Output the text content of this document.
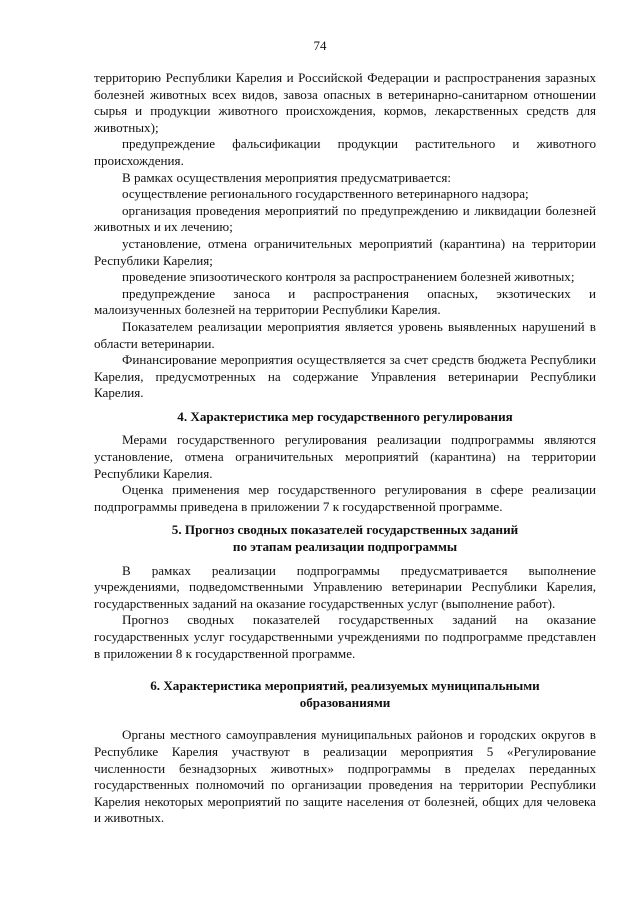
74

территорию Республики Карелия и Российской Федерации и распространения заразных болезней животных всех видов, завоза опасных в ветеринарно-санитарном отношении сырья и продукции животного происхождения, кормов, лекарственных средств для животных);

предупреждение фальсификации продукции растительного и животного происхождения.

В рамках осуществления мероприятия предусматривается:

осуществление регионального государственного ветеринарного надзора;

организация проведения мероприятий по предупреждению и ликвидации болезней животных и их лечению;

установление, отмена ограничительных мероприятий (карантина) на территории Республики Карелия;

проведение эпизоотического контроля за распространением болезней животных;

предупреждение заноса и распространения опасных, экзотических и малоизученных болезней на территории Республики Карелия.

Показателем реализации мероприятия является уровень выявленных нарушений в области ветеринарии.

Финансирование мероприятия осуществляется за счет средств бюджета Республики Карелия, предусмотренных на содержание Управления ветеринарии Республики Карелия.

4. Характеристика мер государственного регулирования

Мерами государственного регулирования реализации подпрограммы являются установление, отмена ограничительных мероприятий (карантина) на территории Республики Карелия.

Оценка применения мер государственного регулирования в сфере реализации подпрограммы приведена в приложении 7 к государственной программе.

5. Прогноз сводных показателей государственных заданий

по этапам реализации подпрограммы

В рамках реализации подпрограммы предусматривается выполнение учреждениями, подведомственными Управлению ветеринарии Республики Карелия, государственных заданий на оказание государственных услуг (выполнение работ).

Прогноз сводных показателей государственных заданий на оказание государственных услуг государственными учреждениями по подпрограмме представлен в приложении 8 к государственной программе.

6. Характеристика мероприятий, реализуемых муниципальными

образованиями

Органы местного самоуправления муниципальных районов и городских округов в Республике Карелия участвуют в реализации мероприятия 5 «Регулирование численности безнадзорных животных» подпрограммы в пределах переданных государственных полномочий по организации проведения на территории Республики Карелия некоторых мероприятий по защите населения от болезней, общих для человека и животных.
